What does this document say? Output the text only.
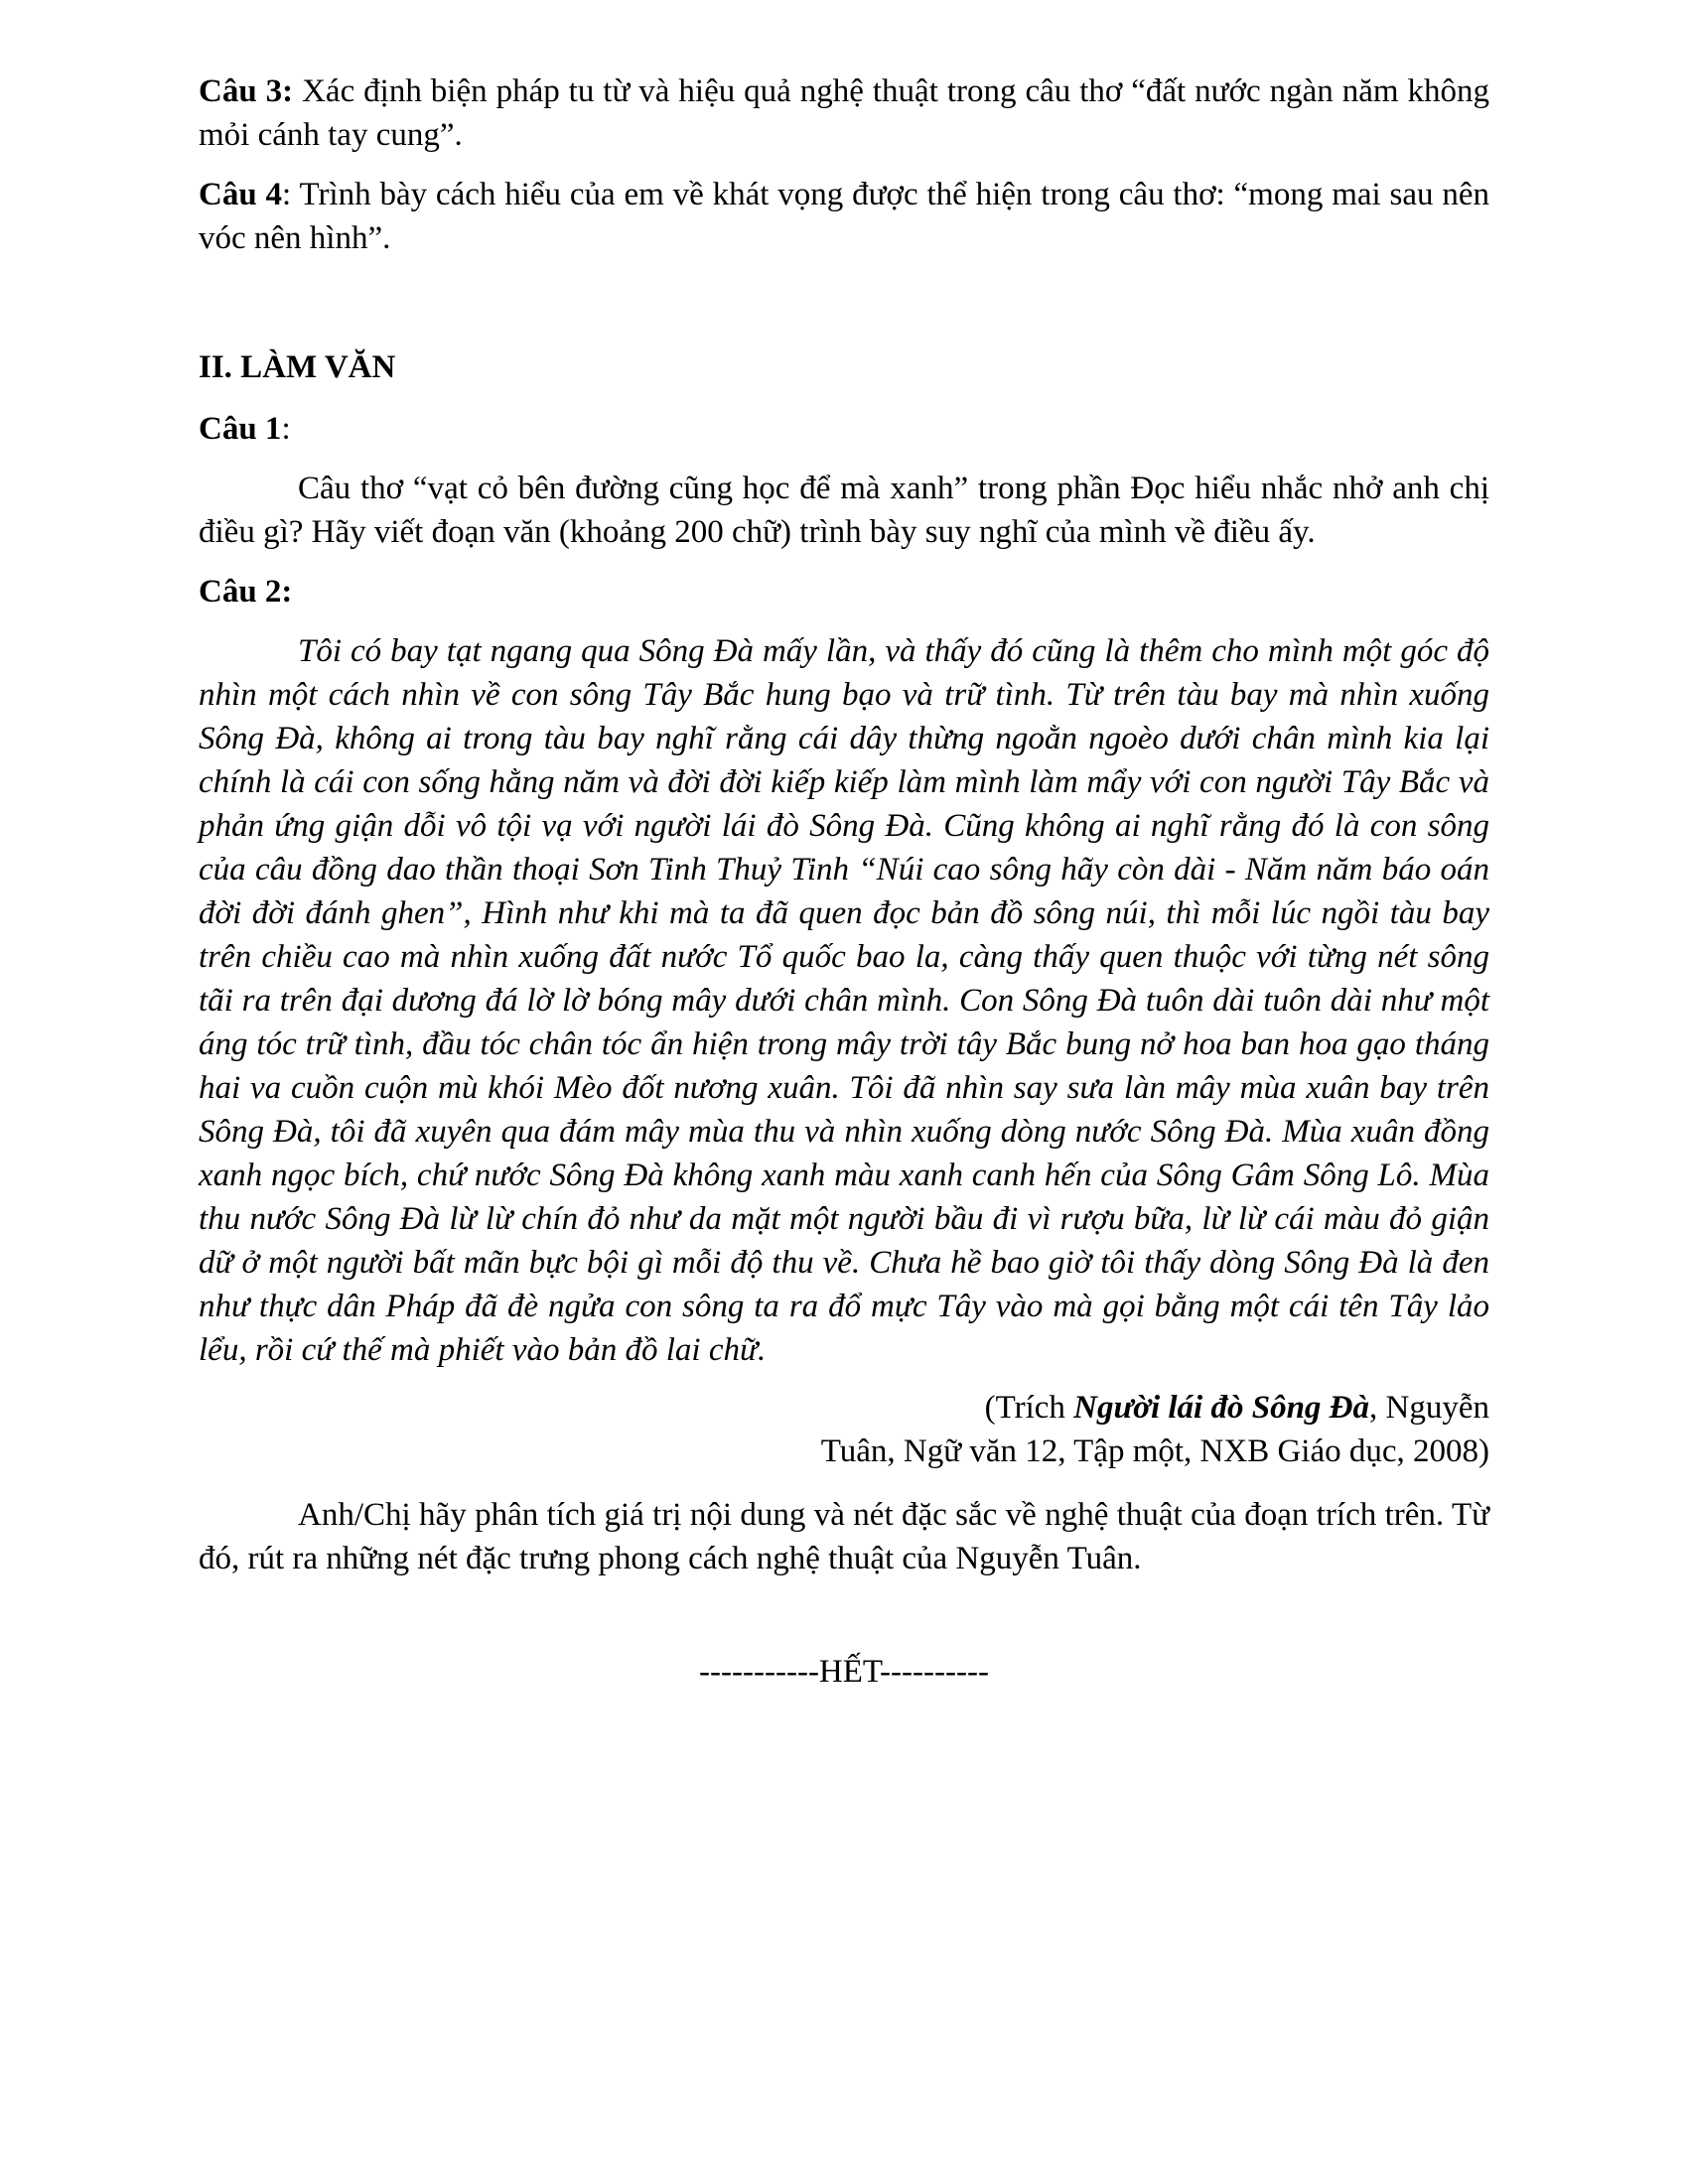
Câu 3: Xác định biện pháp tu từ và hiệu quả nghệ thuật trong câu thơ “đất nước ngàn năm không mỏi cánh tay cung”.

Câu 4: Trình bày cách hiểu của em về khát vọng được thể hiện trong câu thơ: “mong mai sau nên vóc nên hình”.

II. LÀM VĂN

Câu 1:

Câu thơ “vạt cỏ bên đường cũng học để mà xanh” trong phần Đọc hiểu nhắc nhở anh chị điều gì? Hãy viết đoạn văn (khoảng 200 chữ) trình bày suy nghĩ của mình về điều ấy.

Câu 2:

Tôi có bay tạt ngang qua Sông Đà mấy lần, và thấy đó cũng là thêm cho mình một góc độ nhìn một cách nhìn về con sông Tây Bắc hung bạo và trữ tình. Từ trên tàu bay mà nhìn xuống Sông Đà, không ai trong tàu bay nghĩ rằng cái dây thừng ngoằn ngoèo dưới chân mình kia lại chính là cái con sống hằng năm và đời đời kiếp kiếp làm mình làm mẩy với con người Tây Bắc và phản ứng giận dỗi vô tội vạ với người lái đò Sông Đà. Cũng không ai nghĩ rằng đó là con sông của câu đồng dao thần thoại Sơn Tinh Thuỷ Tinh “Núi cao sông hãy còn dài - Năm năm báo oán đời đời đánh ghen”, Hình như khi mà ta đã quen đọc bản đồ sông núi, thì mỗi lúc ngồi tàu bay trên chiều cao mà nhìn xuống đất nước Tổ quốc bao la, càng thấy quen thuộc với từng nét sông tãi ra trên đại dương đá lờ lờ bóng mây dưới chân mình. Con Sông Đà tuôn dài tuôn dài như một áng tóc trữ tình, đầu tóc chân tóc ẩn hiện trong mây trời tây Bắc bung nở hoa ban hoa gạo tháng hai va cuồn cuộn mù khói Mèo đốt nương xuân. Tôi đã nhìn say sưa làn mây mùa xuân bay trên Sông Đà, tôi đã xuyên qua đám mây mùa thu và nhìn xuống dòng nước Sông Đà. Mùa xuân đồng xanh ngọc bích, chứ nước Sông Đà không xanh màu xanh canh hến của Sông Gâm Sông Lô. Mùa thu nước Sông Đà lừ lừ chín đỏ như da mặt một người bầu đi vì rượu bữa, lừ lừ cái màu đỏ giận dữ ở một người bất mãn bực bội gì mỗi độ thu về. Chưa hề bao giờ tôi thấy dòng Sông Đà là đen như thực dân Pháp đã đè ngửa con sông ta ra đổ mực Tây vào mà gọi bằng một cái tên Tây lảo lểu, rồi cứ thế mà phiết vào bản đồ lai chữ.

(Trích Người lái đò Sông Đà, Nguyễn
Tuân, Ngữ văn 12, Tập một, NXB Giáo dục, 2008)

Anh/Chị hãy phân tích giá trị nội dung và nét đặc sắc về nghệ thuật của đoạn trích trên. Từ đó, rút ra những nét đặc trưng phong cách nghệ thuật của Nguyễn Tuân.

-----------HẾT----------
